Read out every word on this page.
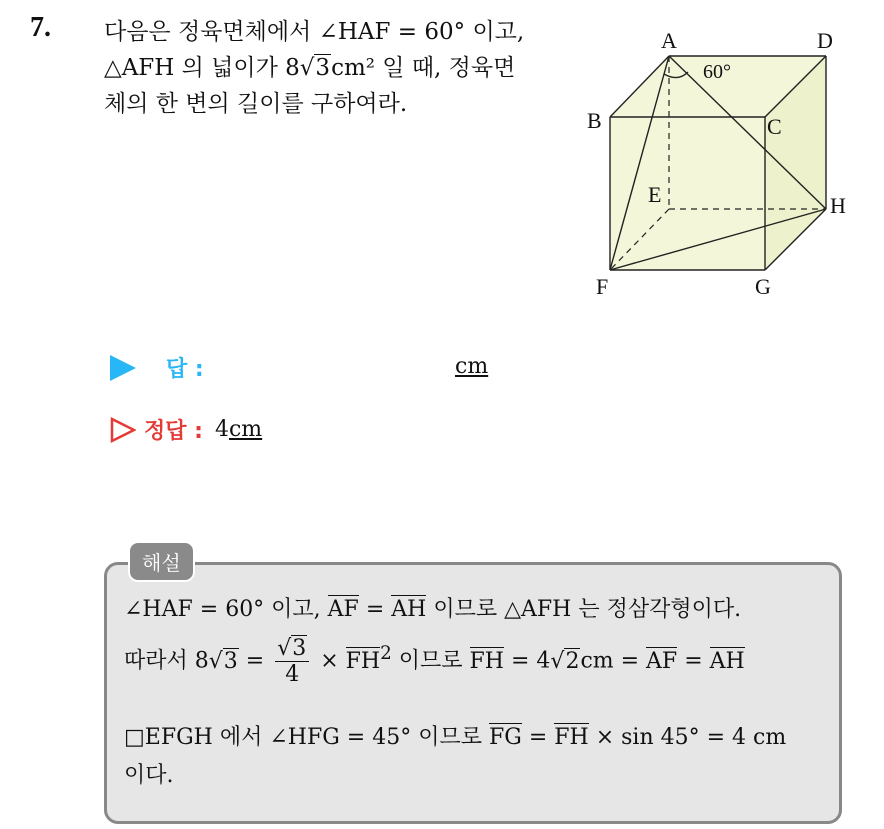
7. 다음은 정육면체에서 ∠HAF = 60° 이고,
△AFH 의 넓이가 8√3cm² 일 때, 정육면
체의 한 변의 길이를 구하여라.
A	D
B	C
E	H
F	G
60°
답 :	cm
정답 : 4cm
해설
∠HAF = 60° 이고, AF = AH 이므로 △AFH 는 정삼각형이다.
따라서 $8√3 = \frac{√3}{4} \times FH^2$ 이므로 FH = 4√2cm = AF = AH
□EFGH 에서 ∠HFG = 45° 이므로 FG = FH × sin 45° = 4 cm
이다.
